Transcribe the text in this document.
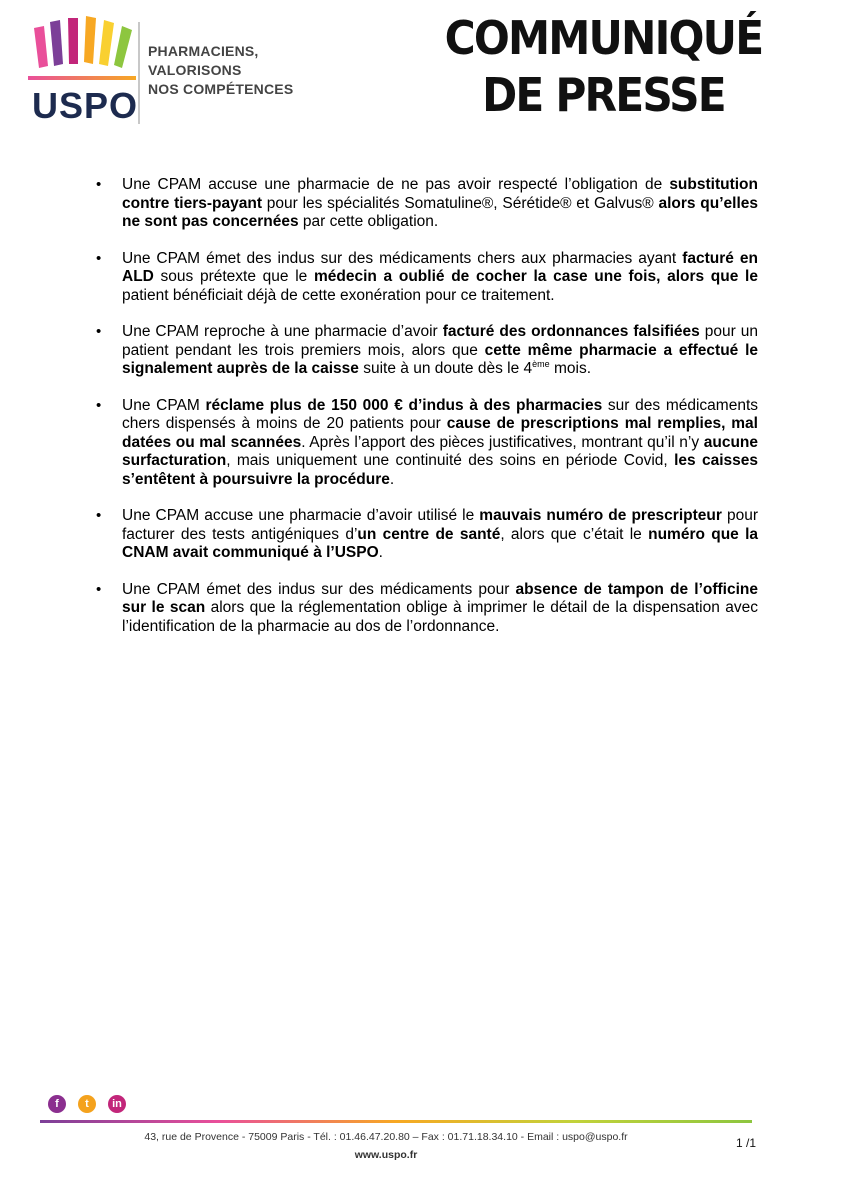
USPO
PHARMACIENS,
VALORISONS
NOS COMPÉTENCES
COMMUNIQUÉ
DE PRESSE
• Une CPAM accuse une pharmacie de ne pas avoir respecté l’obligation de substitution contre tiers-payant pour les spécialités Somatuline®, Sérétide® et Galvus® alors qu’elles ne sont pas concernées par cette obligation.
• Une CPAM émet des indus sur des médicaments chers aux pharmacies ayant facturé en ALD sous prétexte que le médecin a oublié de cocher la case une fois, alors que le patient bénéficiait déjà de cette exonération pour ce traitement.
• Une CPAM reproche à une pharmacie d’avoir facturé des ordonnances falsifiées pour un patient pendant les trois premiers mois, alors que cette même pharmacie a effectué le signalement auprès de la caisse suite à un doute dès le 4ème mois.
• Une CPAM réclame plus de 150 000 € d’indus à des pharmacies sur des médicaments chers dispensés à moins de 20 patients pour cause de prescriptions mal remplies, mal datées ou mal scannées. Après l’apport des pièces justificatives, montrant qu’il n’y aucune surfacturation, mais uniquement une continuité des soins en période Covid, les caisses s’entêtent à poursuivre la procédure.
• Une CPAM accuse une pharmacie d’avoir utilisé le mauvais numéro de prescripteur pour facturer des tests antigéniques d’un centre de santé, alors que c’était le numéro que la CNAM avait communiqué à l’USPO.
• Une CPAM émet des indus sur des médicaments pour absence de tampon de l’officine sur le scan alors que la réglementation oblige à imprimer le détail de la dispensation avec l’identification de la pharmacie au dos de l’ordonnance.
f t in
43, rue de Provence - 75009 Paris - Tél. : 01.46.47.20.80 – Fax : 01.71.18.34.10 - Email : uspo@uspo.fr
www.uspo.fr
1 /1
